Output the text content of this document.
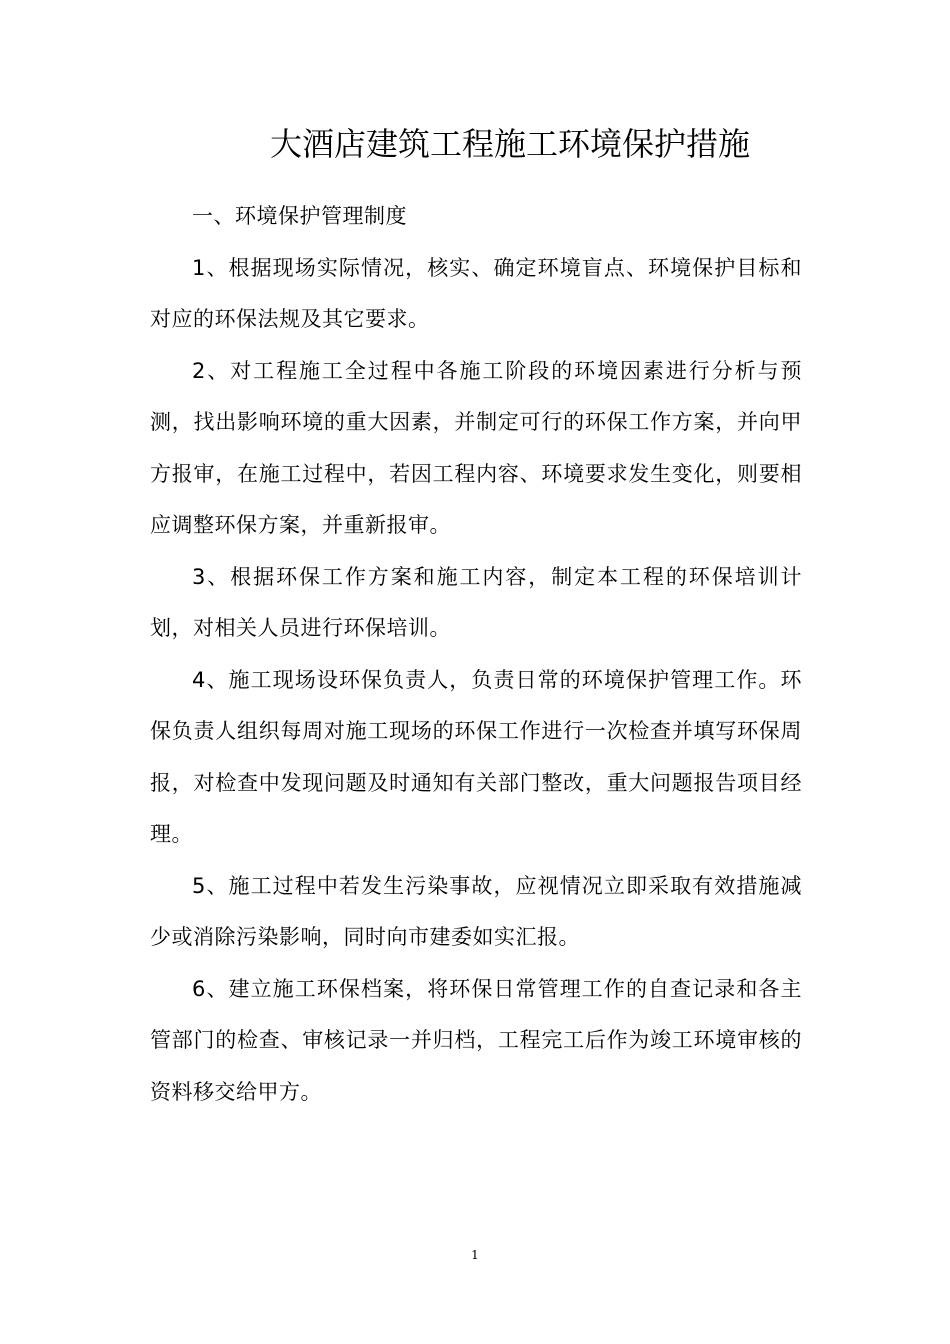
大酒店建筑工程施工环境保护措施

一、环境保护管理制度

1、根据现场实际情况，核实、确定环境盲点、环境保护目标和对应的环保法规及其它要求。

2、对工程施工全过程中各施工阶段的环境因素进行分析与预测，找出影响环境的重大因素，并制定可行的环保工作方案，并向甲方报审，在施工过程中，若因工程内容、环境要求发生变化，则要相应调整环保方案，并重新报审。

3、根据环保工作方案和施工内容，制定本工程的环保培训计划，对相关人员进行环保培训。

4、施工现场设环保负责人，负责日常的环境保护管理工作。环保负责人组织每周对施工现场的环保工作进行一次检查并填写环保周报，对检查中发现问题及时通知有关部门整改，重大问题报告项目经理。

5、施工过程中若发生污染事故，应视情况立即采取有效措施减少或消除污染影响，同时向市建委如实汇报。

6、建立施工环保档案，将环保日常管理工作的自查记录和各主管部门的检查、审核记录一并归档，工程完工后作为竣工环境审核的资料移交给甲方。

1
